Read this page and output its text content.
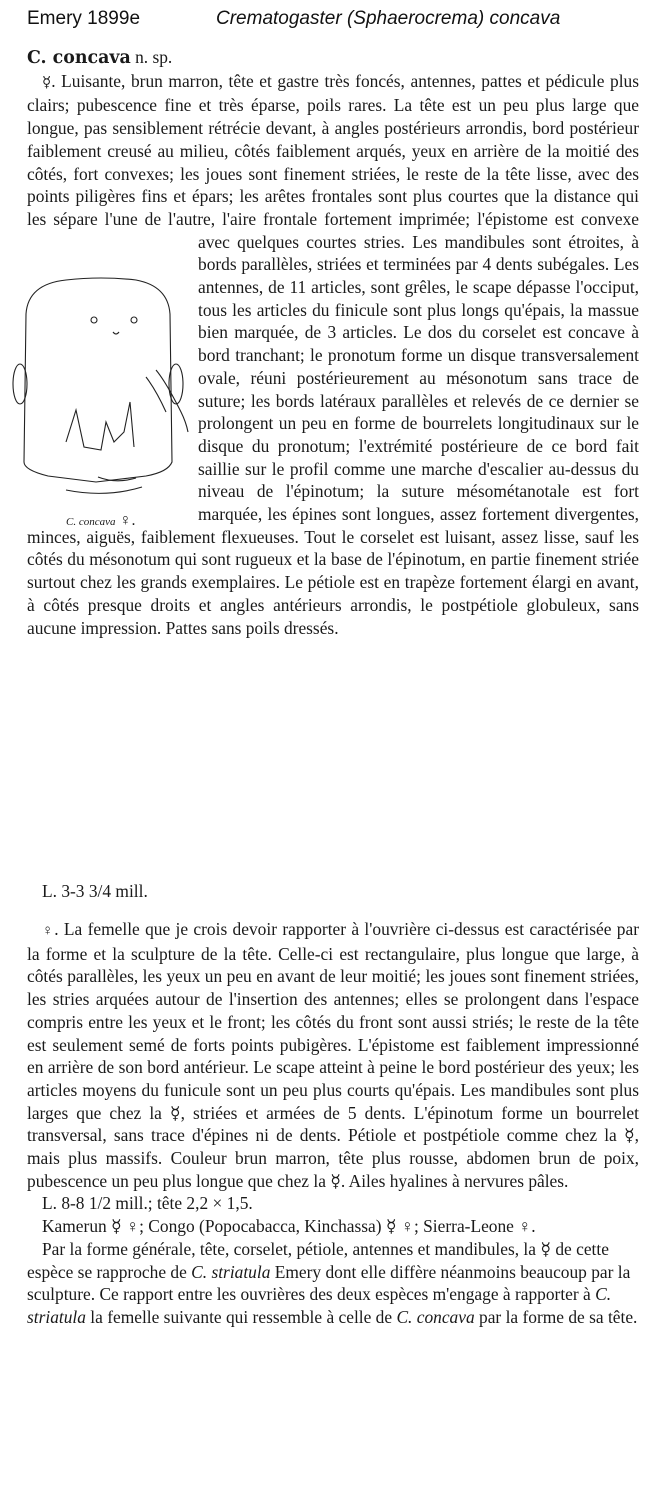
Emery 1899e	Crematogaster (Sphaerocrema) concava

C. concava n. sp.

☿. Luisante, brun marron, tête et gastre très foncés, antennes, pattes et pédicule plus clairs; pubescence fine et très éparse, poils rares. La tête est un peu plus large que longue, pas sensiblement rétrécie devant, à angles postérieurs arrondis, bord postérieur faiblement creusé au milieu, côtés faiblement arqués, yeux en arrière de la moitié des côtés, fort convexes; les joues sont finement striées, le reste de la tête lisse, avec des points piligères fins et épars; les arêtes frontales sont plus courtes que la distance qui les sépare l'une de l'autre, l'aire frontale fortement imprimée; l'épistome est convexe avec quelques courtes stries. Les mandibules sont étroites, à bords parallèles, striées et terminées par 4 dents subégales. Les antennes, de 11 articles, sont grêles, le scape dépasse l'occiput, tous les articles du finicule sont plus longs qu'épais, la massue bien marquée, de 3 articles. Le dos du corselet est concave à bord tranchant; le pronotum forme un disque transversalement ovale, réuni postérieurement au mésonotum sans trace de suture; les bords latéraux parallèles et relevés de ce dernier se prolongent un peu en forme de bourrelets longitudinaux sur le disque du pronotum; l'extrémité postérieure de ce bord fait saillie sur le profil comme une marche d'escalier au-dessus du niveau de l'épinotum; la suture mésométanotale est fort marquée, les épines sont longues, assez fortement divergentes, minces, aiguës, faiblement flexueuses. Tout le corselet est luisant, assez lisse, sauf les côtés du mésonotum qui sont rugueux et la base de l'épinotum, en partie finement striée surtout chez les grands exemplaires. Le pétiole est en trapèze fortement élargi en avant, à côtés presque droits et angles antérieurs arrondis, le postpétiole globuleux, sans aucune impression. Pattes sans poils dressés.

C. concava ♀.

L. 3-3 3/4 mill.

♀. La femelle que je crois devoir rapporter à l'ouvrière ci-dessus est caractérisée par la forme et la sculpture de la tête. Celle-ci est rectangulaire, plus longue que large, à côtés parallèles, les yeux un peu en avant de leur moitié; les joues sont finement striées, les stries arquées autour de l'insertion des antennes; elles se prolongent dans l'espace compris entre les yeux et le front; les côtés du front sont aussi striés; le reste de la tête est seulement semé de forts points pubigères. L'épistome est faiblement impressionné en arrière de son bord antérieur. Le scape atteint à peine le bord postérieur des yeux; les articles moyens du funicule sont un peu plus courts qu'épais. Les mandibules sont plus larges que chez la ☿, striées et armées de 5 dents. L'épinotum forme un bourrelet transversal, sans trace d'épines ni de dents. Pétiole et postpétiole comme chez la ☿, mais plus massifs. Couleur brun marron, tête plus rousse, abdomen brun de poix, pubescence un peu plus longue que chez la ☿. Ailes hyalines à nervures pâles.

L. 8-8 1/2 mill.; tête 2,2 × 1,5.

Kamerun ☿ ♀; Congo (Popocabacca, Kinchassa) ☿ ♀; Sierra-Leone ♀.

Par la forme générale, tête, corselet, pétiole, antennes et mandibules, la ☿ de cette espèce se rapproche de C. striatula Emery dont elle diffère néanmoins beaucoup par la sculpture. Ce rapport entre les ouvrières des deux espèces m'engage à rapporter à C. striatula la femelle suivante qui ressemble à celle de C. concava par la forme de sa tête.
